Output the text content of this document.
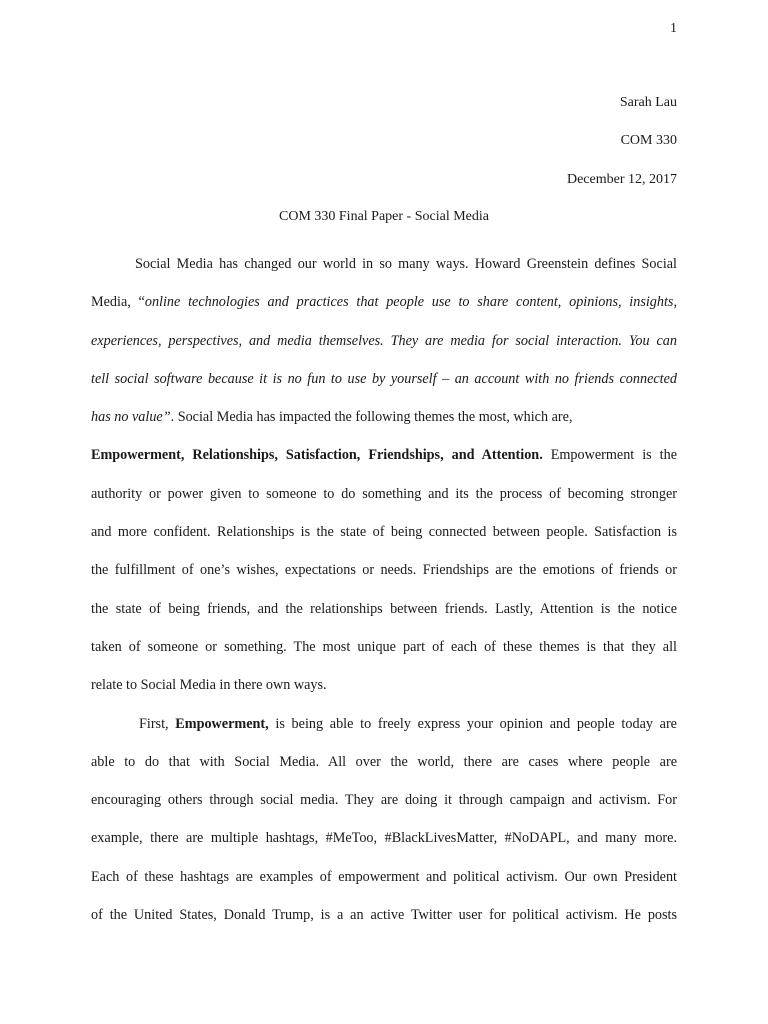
1
Sarah Lau
COM 330
December 12, 2017
COM 330 Final Paper - Social Media
Social Media has changed our world in so many ways. Howard Greenstein defines Social
Media, “online technologies and practices that people use to share content, opinions, insights,
experiences, perspectives, and media themselves. They are media for social interaction. You can
tell social software because it is no fun to use by yourself – an account with no friends connected
has no value”. Social Media has impacted the following themes the most, which are,
Empowerment, Relationships, Satisfaction, Friendships, and Attention. Empowerment is the
authority or power given to someone to do something and its the process of becoming stronger
and more confident. Relationships is the state of being connected between people. Satisfaction is
the fulfillment of one’s wishes, expectations or needs. Friendships are the emotions of friends or
the state of being friends, and the relationships between friends. Lastly, Attention is the notice
taken of someone or something. The most unique part of each of these themes is that they all
relate to Social Media in there own ways.
First, Empowerment, is being able to freely express your opinion and people today are
able to do that with Social Media. All over the world, there are cases where people are
encouraging others through social media. They are doing it through campaign and activism. For
example, there are multiple hashtags, #MeToo, #BlackLivesMatter, #NoDAPL, and many more.
Each of these hashtags are examples of empowerment and political activism. Our own President
of the United States, Donald Trump, is a an active Twitter user for political activism. He posts
